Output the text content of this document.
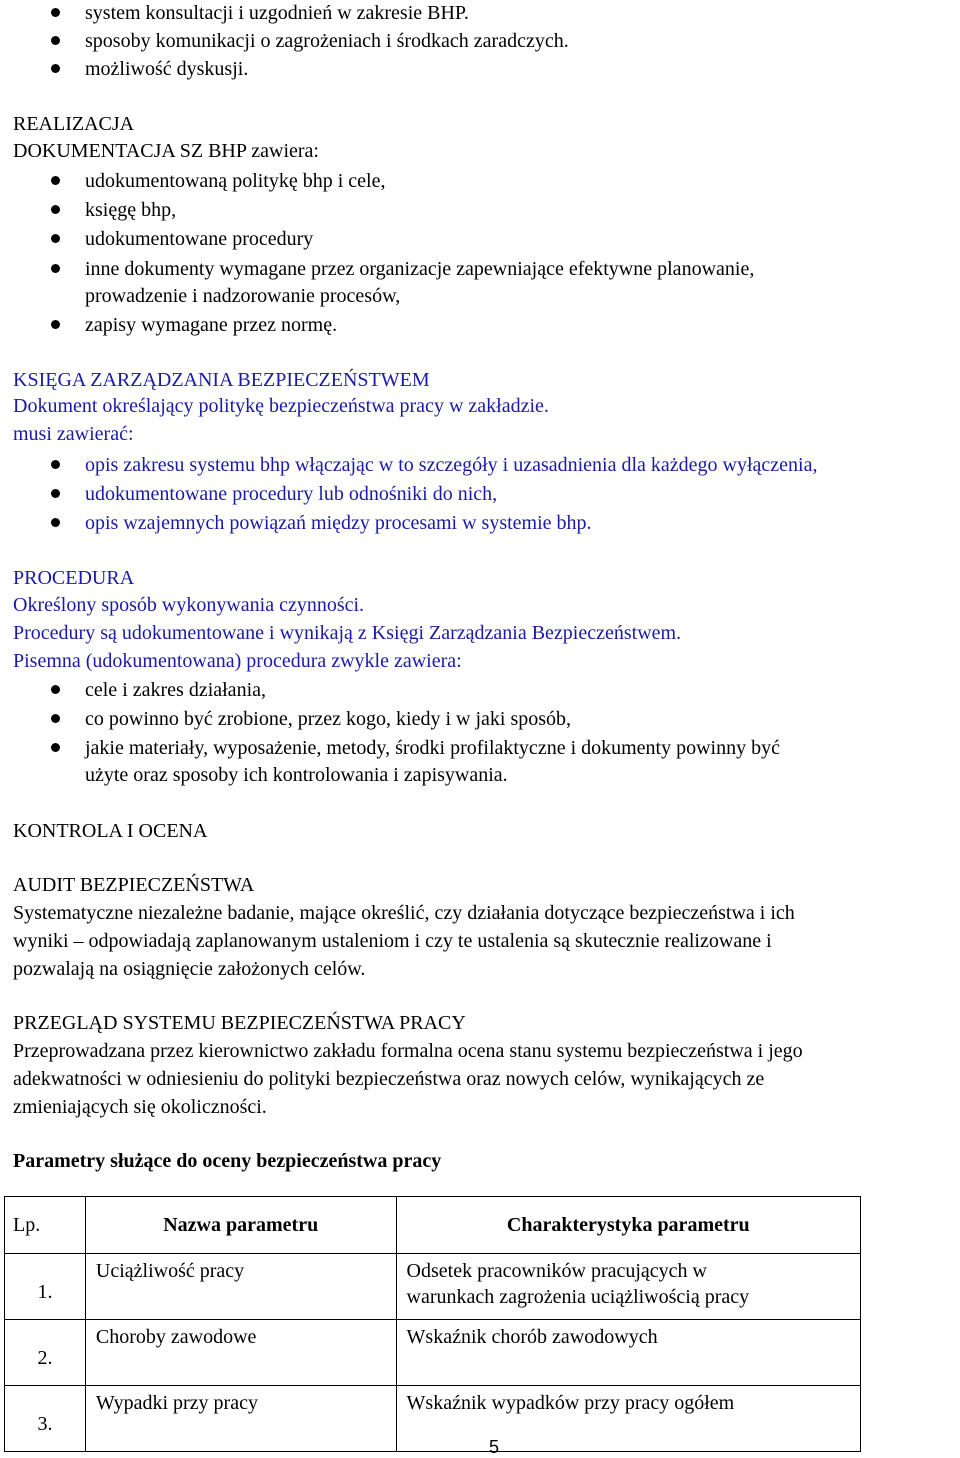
system konsultacji i uzgodnień w zakresie BHP.
sposoby komunikacji o zagrożeniach i środkach zaradczych.
możliwość dyskusji.
REALIZACJA
DOKUMENTACJA SZ BHP zawiera:
udokumentowaną politykę bhp i cele,
księgę bhp,
udokumentowane procedury
inne dokumenty wymagane przez organizacje zapewniające efektywne planowanie,
prowadzenie i nadzorowanie procesów,
zapisy wymagane przez normę.
KSIĘGA ZARZĄDZANIA BEZPIECZEŃSTWEM
Dokument określający politykę bezpieczeństwa pracy w zakładzie.
musi zawierać:
opis zakresu systemu bhp włączając w to szczegóły i uzasadnienia dla każdego wyłączenia,
udokumentowane procedury lub odnośniki do nich,
opis wzajemnych powiązań między procesami w systemie bhp.
PROCEDURA
Określony sposób wykonywania czynności.
Procedury są udokumentowane i wynikają z Księgi Zarządzania Bezpieczeństwem.
Pisemna (udokumentowana) procedura zwykle zawiera:
cele i zakres działania,
co powinno być zrobione, przez kogo, kiedy i w jaki sposób,
jakie materiały, wyposażenie, metody, środki profilaktyczne i dokumenty powinny być
użyte oraz sposoby ich kontrolowania i zapisywania.
KONTROLA I OCENA
AUDIT BEZPIECZEŃSTWA
Systematyczne niezależne badanie, mające określić, czy działania dotyczące bezpieczeństwa i ich
wyniki – odpowiadają zaplanowanym ustaleniom i czy te ustalenia są skutecznie realizowane i
pozwalają na osiągnięcie założonych celów.
PRZEGLĄD SYSTEMU BEZPIECZEŃSTWA PRACY
Przeprowadzana przez kierownictwo zakładu formalna ocena stanu systemu bezpieczeństwa i jego
adekwatności w odniesieniu do polityki bezpieczeństwa oraz nowych celów, wynikających ze
zmieniających się okoliczności.
Parametry służące do oceny bezpieczeństwa pracy
Lp.	Nazwa parametru	Charakterystyka parametru
1.	Uciążliwość pracy	Odsetek pracowników pracujących w
warunkach zagrożenia uciążliwością pracy

2.	Choroby zawodowe	Wskaźnik chorób zawodowych
3.	Wypadki przy pracy	Wskaźnik wypadków przy pracy ogółem
5
